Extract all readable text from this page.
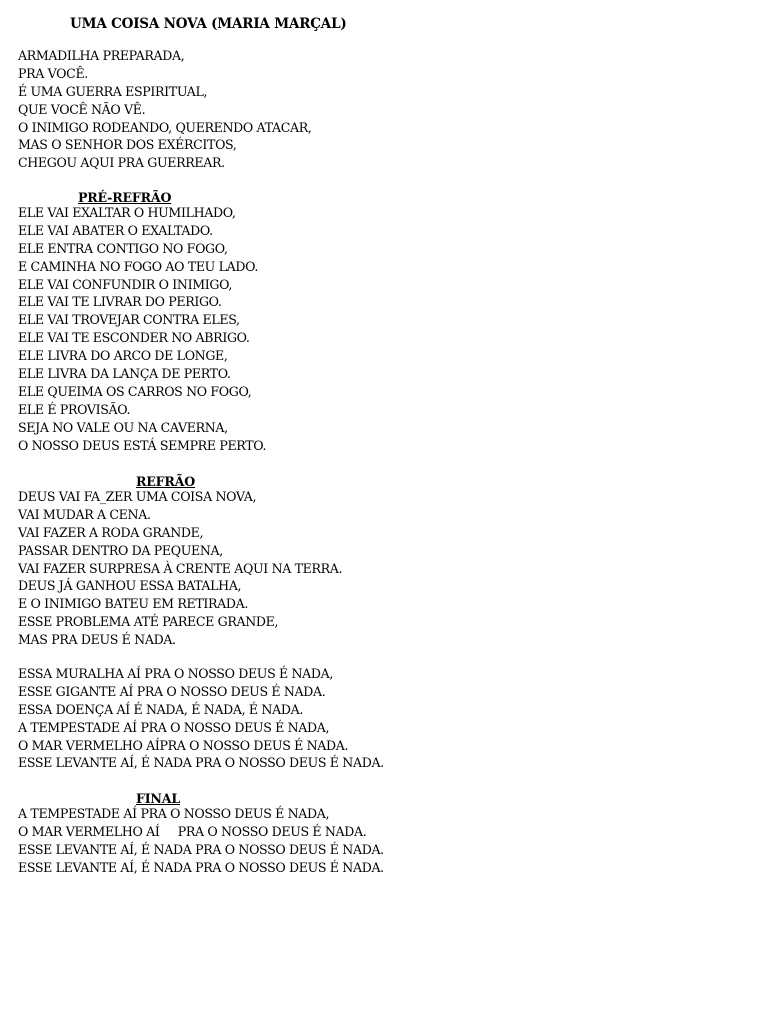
UMA COISA NOVA (MARIA MARÇAL)
ARMADILHA PREPARADA,
PRA VOCÊ.
É UMA GUERRA ESPIRITUAL,
QUE VOCÊ NÃO VÊ.
O INIMIGO RODEANDO, QUERENDO ATACAR,
MAS O SENHOR DOS EXÉRCITOS,
CHEGOU AQUI PRA GUERREAR.
PRÉ-REFRÃO
ELE VAI EXALTAR O HUMILHADO,
ELE VAI ABATER O EXALTADO.
ELE ENTRA CONTIGO NO FOGO,
E CAMINHA NO FOGO AO TEU LADO.
ELE VAI CONFUNDIR O INIMIGO,
ELE VAI TE LIVRAR DO PERIGO.
ELE VAI TROVEJAR CONTRA ELES,
ELE VAI TE ESCONDER NO ABRIGO.
ELE LIVRA DO ARCO DE LONGE,
ELE LIVRA DA LANÇA DE PERTO.
ELE QUEIMA OS CARROS NO FOGO,
ELE É PROVISÃO.
SEJA NO VALE OU NA CAVERNA,
O NOSSO DEUS ESTÁ SEMPRE PERTO.
REFRÃO
DEUS VAI FA_ZER UMA COISA NOVA,
VAI MUDAR A CENA.
VAI FAZER A RODA GRANDE,
PASSAR DENTRO DA PEQUENA,
VAI FAZER SURPRESA À CRENTE AQUI NA TERRA.
DEUS JÁ GANHOU ESSA BATALHA,
E O INIMIGO BATEU EM RETIRADA.
ESSE PROBLEMA ATÉ PARECE GRANDE,
MAS PRA DEUS É NADA.
ESSA MURALHA AÍ PRA O NOSSO DEUS É NADA,
ESSE GIGANTE AÍ PRA O NOSSO DEUS É NADA.
ESSA DOENÇA AÍ É NADA, É NADA, É NADA.
A TEMPESTADE AÍ PRA O NOSSO DEUS É NADA,
O MAR VERMELHO AÍPRA O NOSSO DEUS É NADA.
ESSE LEVANTE AÍ, É NADA PRA O NOSSO DEUS É NADA.
FINAL
A TEMPESTADE AÍ PRA O NOSSO DEUS É NADA,
O MAR VERMELHO AÍ     PRA O NOSSO DEUS É NADA.
ESSE LEVANTE AÍ, É NADA PRA O NOSSO DEUS É NADA.
ESSE LEVANTE AÍ, É NADA PRA O NOSSO DEUS É NADA.
